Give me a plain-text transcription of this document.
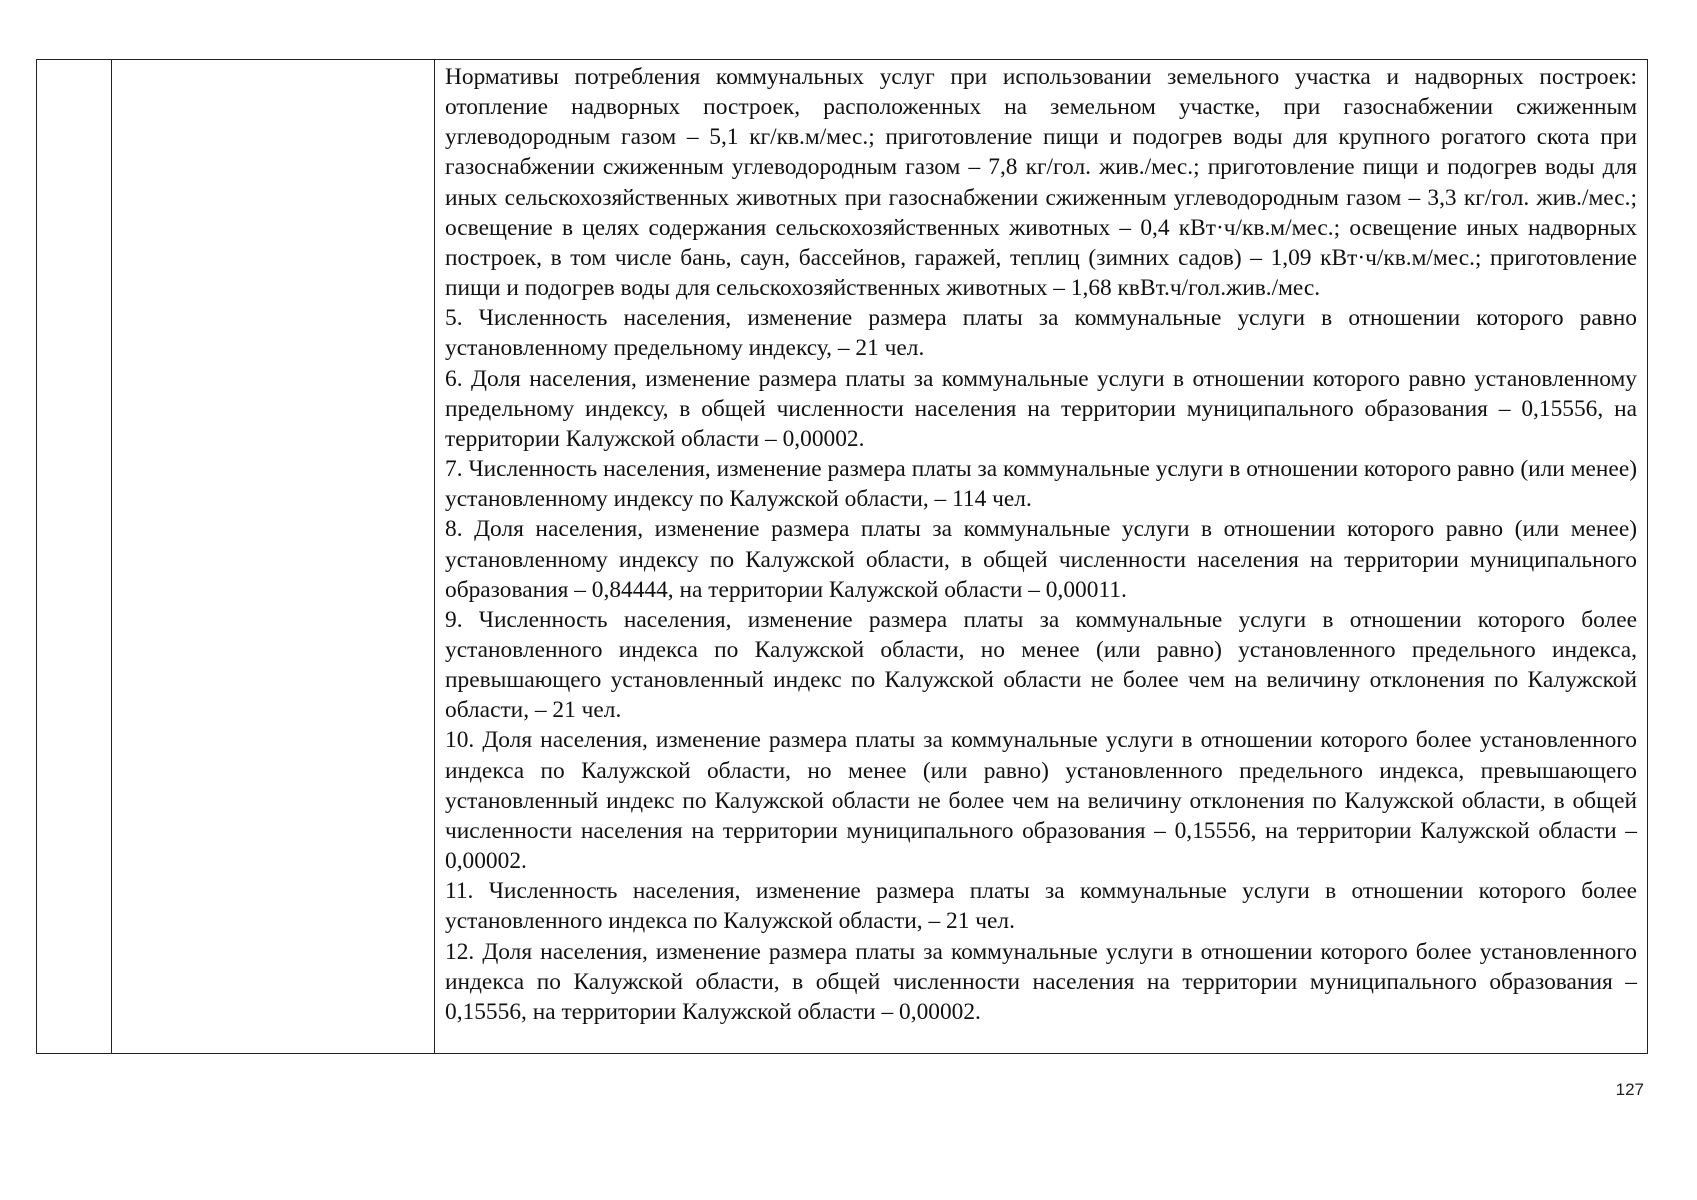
Нормативы потребления коммунальных услуг при использовании земельного участка и надворных построек: отопление надворных построек, расположенных на земельном участке, при газоснабжении сжиженным углеводородным газом – 5,1 кг/кв.м/мес.; приготовление пищи и подогрев воды для крупного рогатого скота при газоснабжении сжиженным углеводородным газом – 7,8 кг/гол. жив./мес.; приготовление пищи и подогрев воды для иных сельскохозяйственных животных при газоснабжении сжиженным углеводородным газом – 3,3 кг/гол. жив./мес.; освещение в целях содержания сельскохозяйственных животных – 0,4 кВт·ч/кв.м/мес.; освещение иных надворных построек, в том числе бань, саун, бассейнов, гаражей, теплиц (зимних садов) – 1,09 кВт·ч/кв.м/мес.; приготовление пищи и подогрев воды для сельскохозяйственных животных – 1,68 квВт.ч/гол.жив./мес.

5. Численность населения, изменение размера платы за коммунальные услуги в отношении которого равно установленному предельному индексу, – 21 чел.

6. Доля населения, изменение размера платы за коммунальные услуги в отношении которого равно установленному предельному индексу, в общей численности населения на территории муниципального образования – 0,15556, на территории Калужской области – 0,00002.

7. Численность населения, изменение размера платы за коммунальные услуги в отношении которого равно (или менее) установленному индексу по Калужской области, – 114 чел.

8. Доля населения, изменение размера платы за коммунальные услуги в отношении которого равно (или менее) установленному индексу по Калужской области, в общей численности населения на территории муниципального образования – 0,84444, на территории Калужской области – 0,00011.

9. Численность населения, изменение размера платы за коммунальные услуги в отношении которого более установленного индекса по Калужской области, но менее (или равно) установленного предельного индекса, превышающего установленный индекс по Калужской области не более чем на величину отклонения по Калужской области, – 21 чел.

10. Доля населения, изменение размера платы за коммунальные услуги в отношении которого более установленного индекса по Калужской области, но менее (или равно) установленного предельного индекса, превышающего установленный индекс по Калужской области не более чем на величину отклонения по Калужской области, в общей численности населения на территории муниципального образования – 0,15556, на территории Калужской области – 0,00002.

11. Численность населения, изменение размера платы за коммунальные услуги в отношении которого более установленного индекса по Калужской области, – 21 чел.

12. Доля населения, изменение размера платы за коммунальные услуги в отношении которого более установленного индекса по Калужской области, в общей численности населения на территории муниципального образования – 0,15556, на территории Калужской области – 0,00002.

127
